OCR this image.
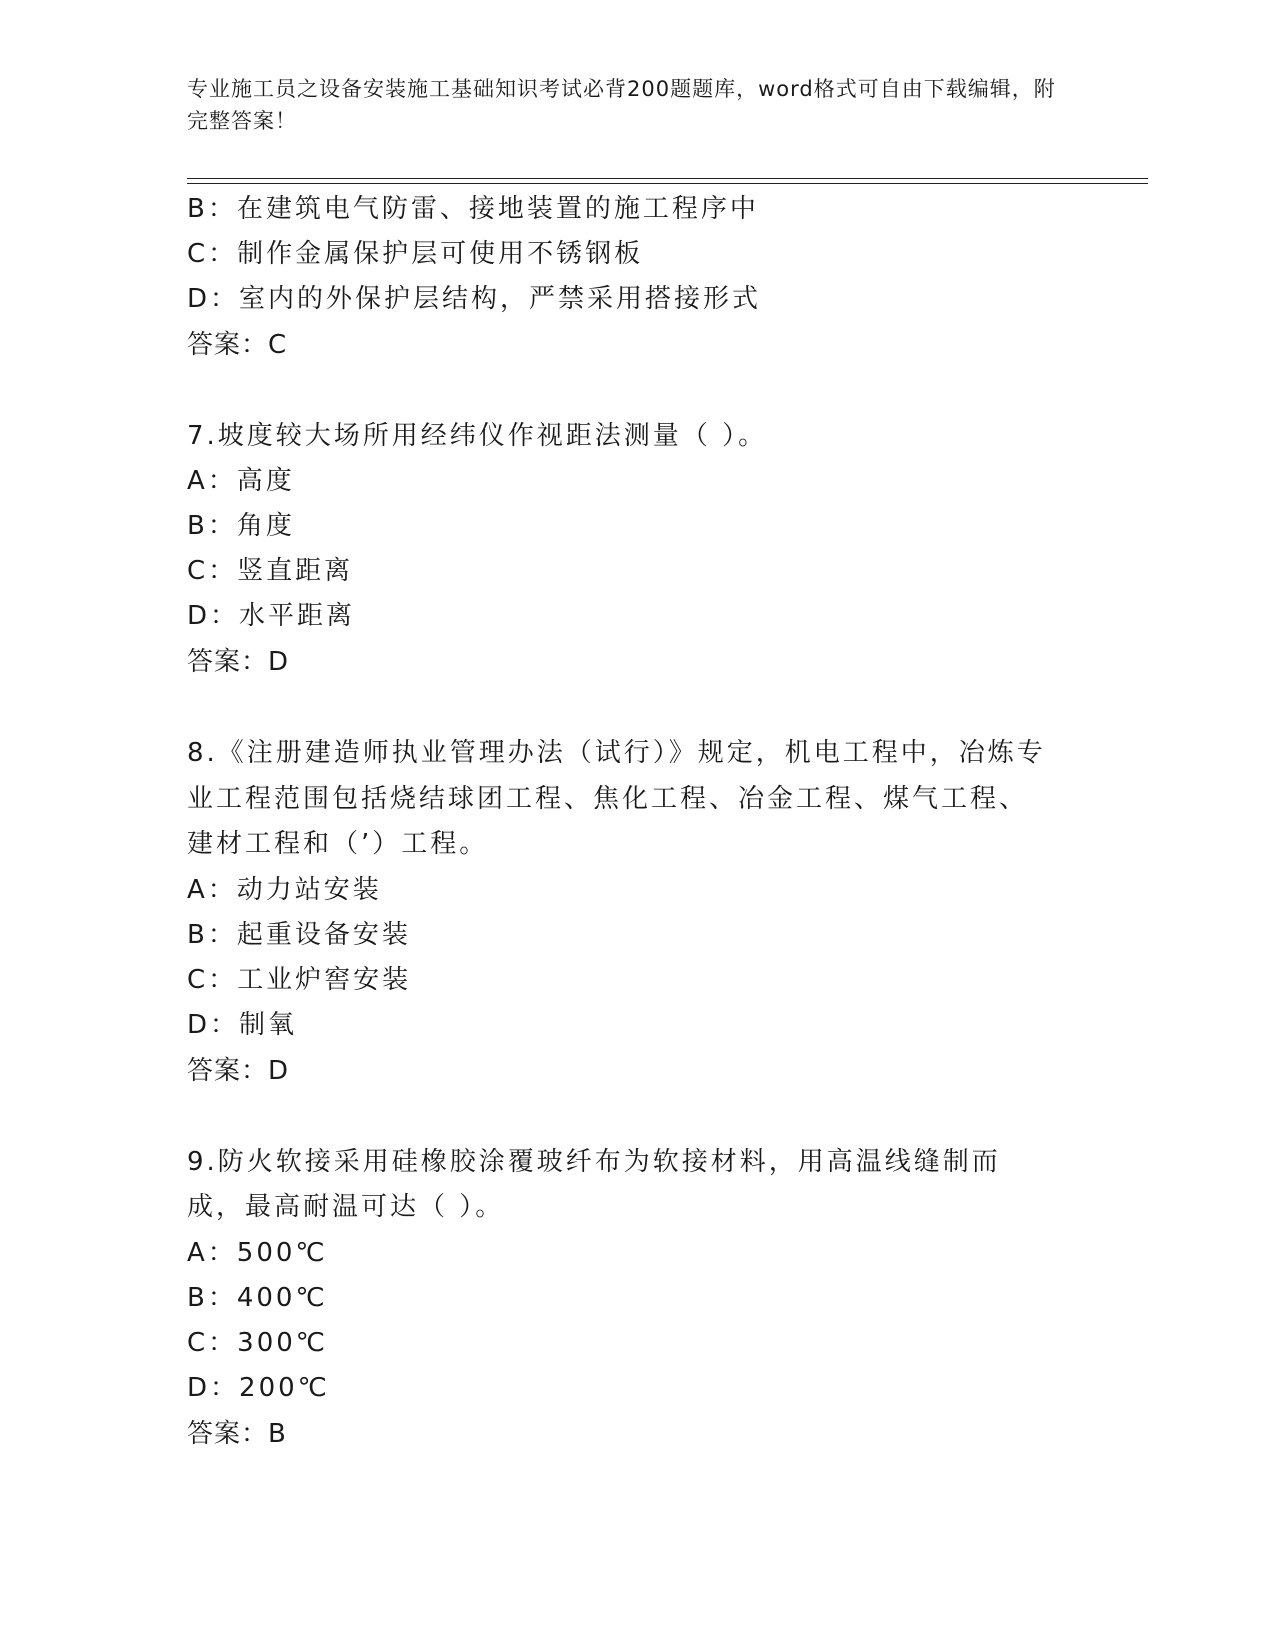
专业施工员之设备安装施工基础知识考试必背200题题库，word格式可自由下载编辑，附完整答案！
B：在建筑电气防雷、接地装置的施工程序中
C：制作金属保护层可使用不锈钢板
D：室内的外保护层结构，严禁采用搭接形式
答案：C
7.坡度较大场所用经纬仪作视距法测量（ ）。
A：高度
B：角度
C：竖直距离
D：水平距离
答案：D
8.《注册建造师执业管理办法（试行）》规定，机电工程中，冶炼专业工程范围包括烧结球团工程、焦化工程、冶金工程、煤气工程、建材工程和（’）工程。
A：动力站安装
B：起重设备安装
C：工业炉窖安装
D：制氧
答案：D
9.防火软接采用硅橡胶涂覆玻纤布为软接材料，用高温线缝制而成，最高耐温可达（ ）。
A：500℃
B：400℃
C：300℃
D：200℃
答案：B
